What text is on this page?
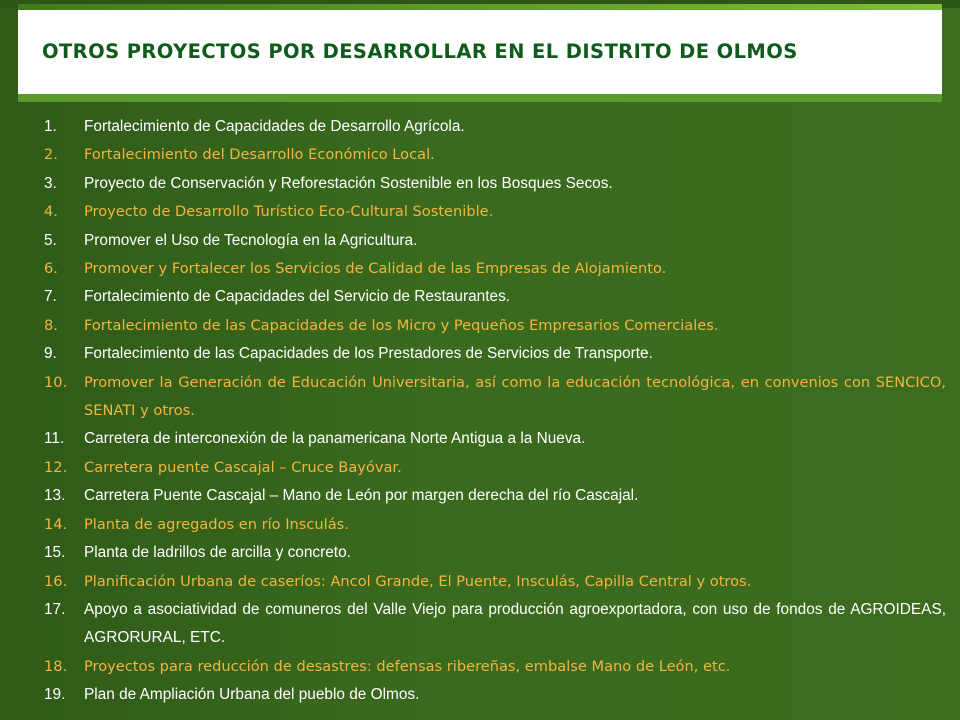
OTROS PROYECTOS POR DESARROLLAR EN EL DISTRITO DE OLMOS
1. Fortalecimiento de Capacidades de Desarrollo Agrícola.
2. Fortalecimiento del Desarrollo Económico Local.
3. Proyecto de Conservación y Reforestación Sostenible en los Bosques Secos.
4. Proyecto de Desarrollo Turístico Eco-Cultural Sostenible.
5. Promover el Uso de Tecnología en la Agricultura.
6. Promover y Fortalecer los Servicios de Calidad de las Empresas de Alojamiento.
7. Fortalecimiento de Capacidades del Servicio de Restaurantes.
8. Fortalecimiento de las Capacidades de los Micro y Pequeños Empresarios Comerciales.
9. Fortalecimiento de las Capacidades de los Prestadores de Servicios de Transporte.
10. Promover la Generación de Educación Universitaria, así como la educación tecnológica, en convenios con SENCICO, SENATI y otros.
11. Carretera de interconexión de la panamericana Norte Antigua a la Nueva.
12. Carretera puente Cascajal – Cruce Bayóvar.
13. Carretera Puente Cascajal – Mano de León por margen derecha del río Cascajal.
14. Planta de agregados en río Insculás.
15. Planta de ladrillos de arcilla y concreto.
16. Planificación Urbana de caseríos: Ancol Grande, El Puente, Insculás, Capilla Central y otros.
17. Apoyo a asociatividad de comuneros del Valle Viejo para producción agroexportadora, con uso de fondos de AGROIDEAS, AGRORURAL, ETC.
18. Proyectos para reducción de desastres: defensas ribereñas, embalse Mano de León, etc.
19. Plan de Ampliación Urbana del pueblo de Olmos.
